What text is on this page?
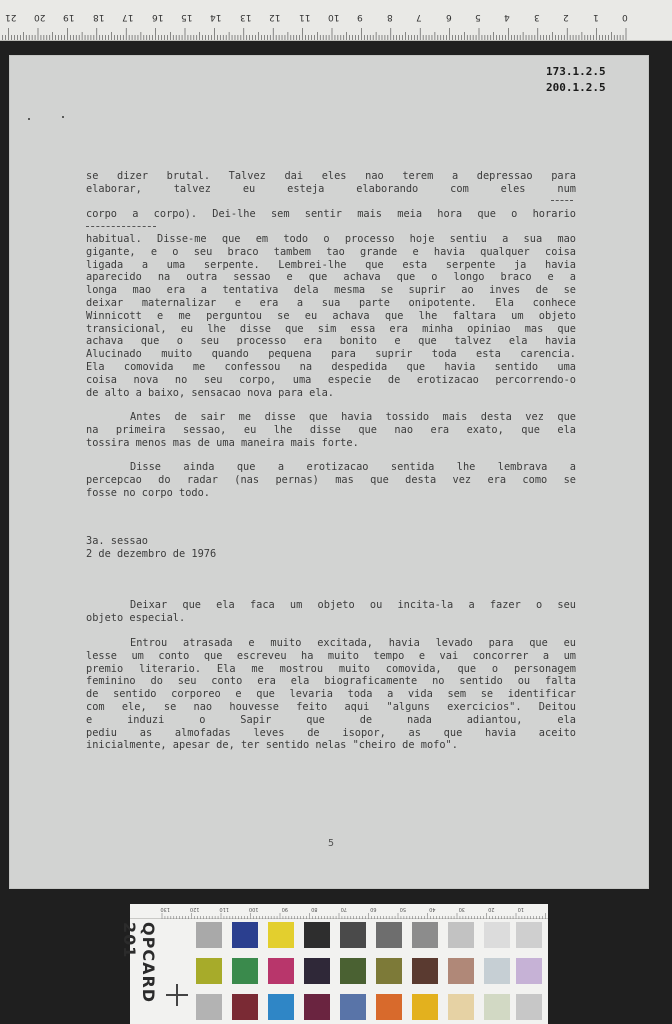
0
1
2
3
4
5
6
7
8
9
10
11
12
13
14
15
16
17
18
19
20
21
173.1.2.5
200.1.2.5

se dizer brutal. Talvez dai eles nao terem a depressao para

elaborar, talvez eu esteja elaborando com eles num

corpo a corpo). Dei-lhe sem sentir mais meia hora que o horario

habitual. Disse-me que em todo o processo hoje sentiu a sua mao

gigante, e o seu braco tambem tao grande e havia qualquer coisa

ligada a uma serpente. Lembrei-lhe que esta serpente ja havia

aparecido na outra sessao e que achava que o longo braco e a

longa mao era a tentativa dela mesma se suprir ao inves de se

deixar maternalizar e era a sua parte onipotente. Ela conhece

Winnicott e me perguntou se eu achava que lhe faltara um objeto

transicional, eu lhe disse que sim essa era minha opiniao mas que

achava que o seu processo era bonito e que talvez ela havia

Alucinado muito quando pequena para suprir toda esta carencia.

Ela comovida me confessou na despedida que havia sentido uma

coisa nova no seu corpo, uma especie de erotizacao percorrendo-o

de alto a baixo, sensacao nova para ela.

Antes de sair me disse que havia tossido mais desta vez que

na primeira sessao, eu lhe disse que nao era exato, que ela

tossira menos mas de uma maneira mais forte.

Disse ainda que a erotizacao sentida lhe lembrava a

percepcao do radar (nas pernas) mas que desta vez era como se

fosse no corpo todo.

3a. sessao

2 de dezembro de 1976

Deixar que ela faca um objeto ou incita-la a fazer o seu

objeto especial.

Entrou atrasada e muito excitada, havia levado para que eu

lesse um conto que escreveu ha muito tempo e vai concorrer a um

premio literario. Ela me mostrou muito comovida, que o personagem

feminino do seu conto era ela biograficamente no sentido ou falta

de sentido corporeo e que levaria toda a vida sem se identificar

com ele, se nao houvesse feito aqui "alguns exercicios". Deitou

e induzi o Sapir que de nada adiantou, ela

pediu as almofadas leves de isopor, as que havia aceito

inicialmente, apesar de, ter sentido nelas "cheiro de mofo".

5
130	120	110	100	90	80	70	60	50	40	30	20	10
QPCARD 201
